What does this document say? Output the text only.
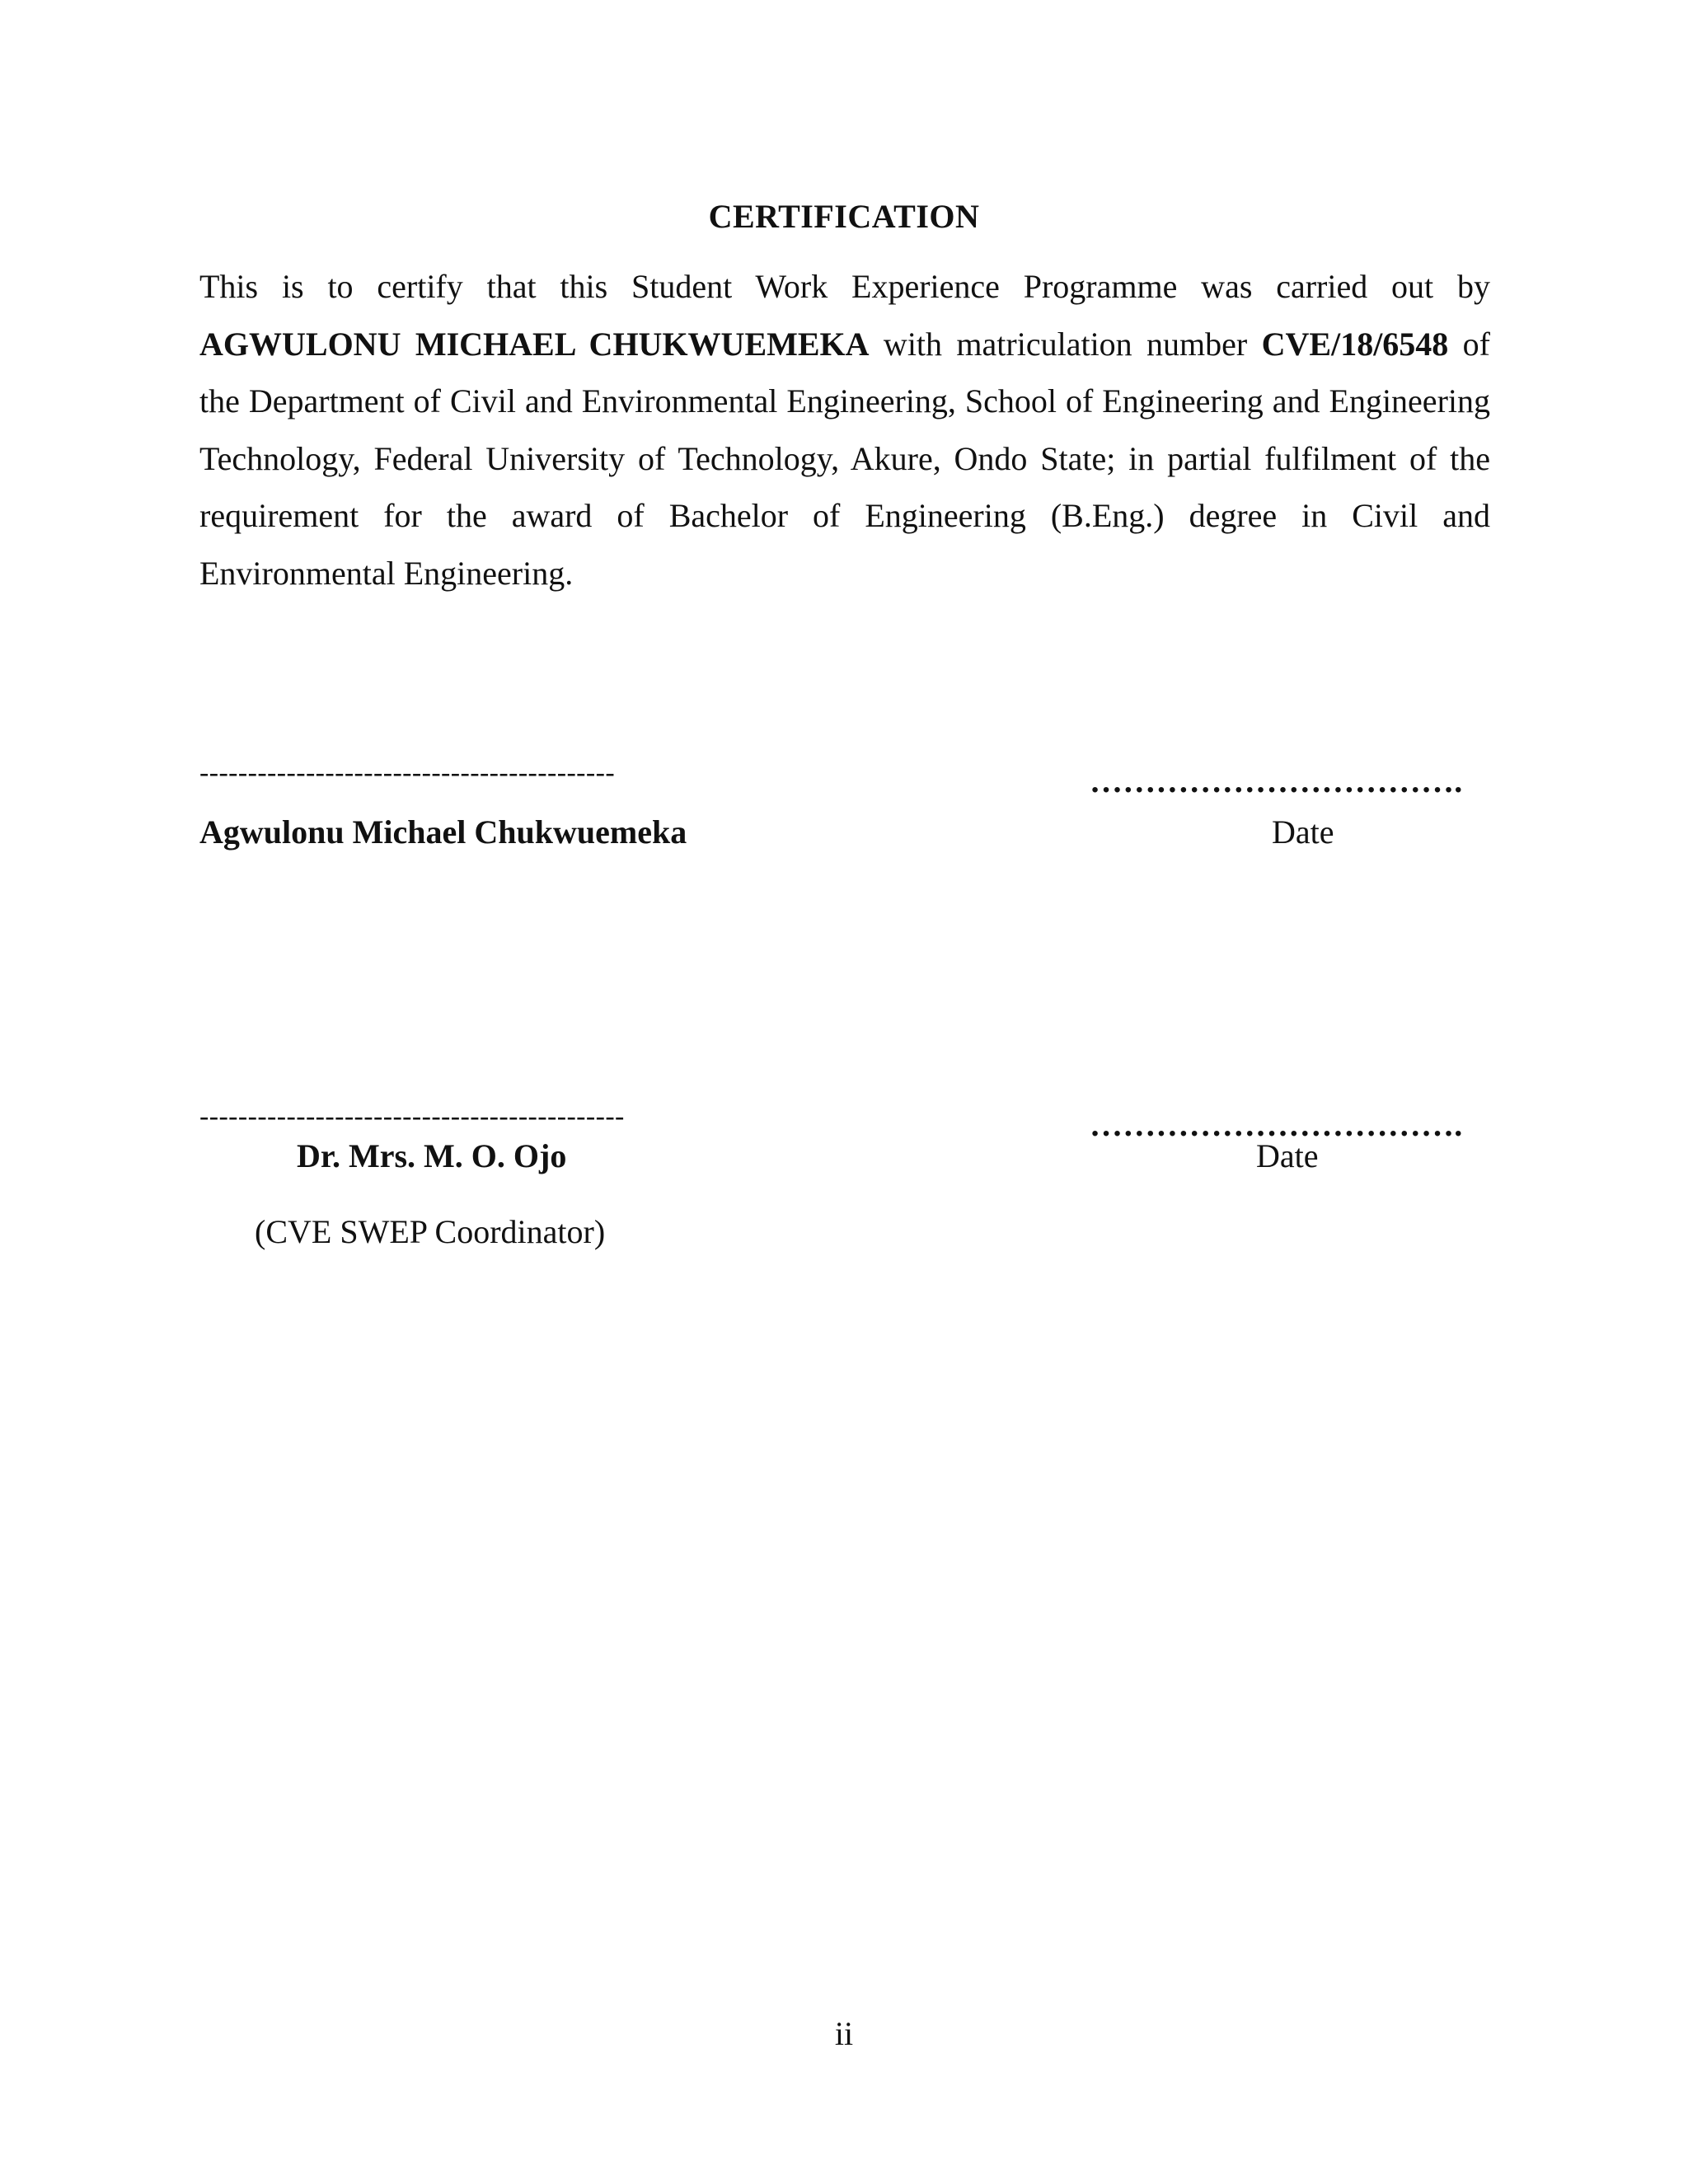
CERTIFICATION
This is to certify that this Student Work Experience Programme was carried out by AGWULONU MICHAEL CHUKWUEMEKA with matriculation number CVE/18/6548 of the Department of Civil and Environmental Engineering, School of Engineering and Engineering Technology, Federal University of Technology, Akure, Ondo State; in partial fulfilment of the requirement for the award of Bachelor of Engineering (B.Eng.) degree in Civil and Environmental Engineering.
-------------------------------------------	…………………………….
Agwulonu Michael Chukwuemeka	Date
--------------------------------------------	…………………………….
Dr. Mrs. M. O. Ojo	Date
(CVE SWEP Coordinator)
ii
